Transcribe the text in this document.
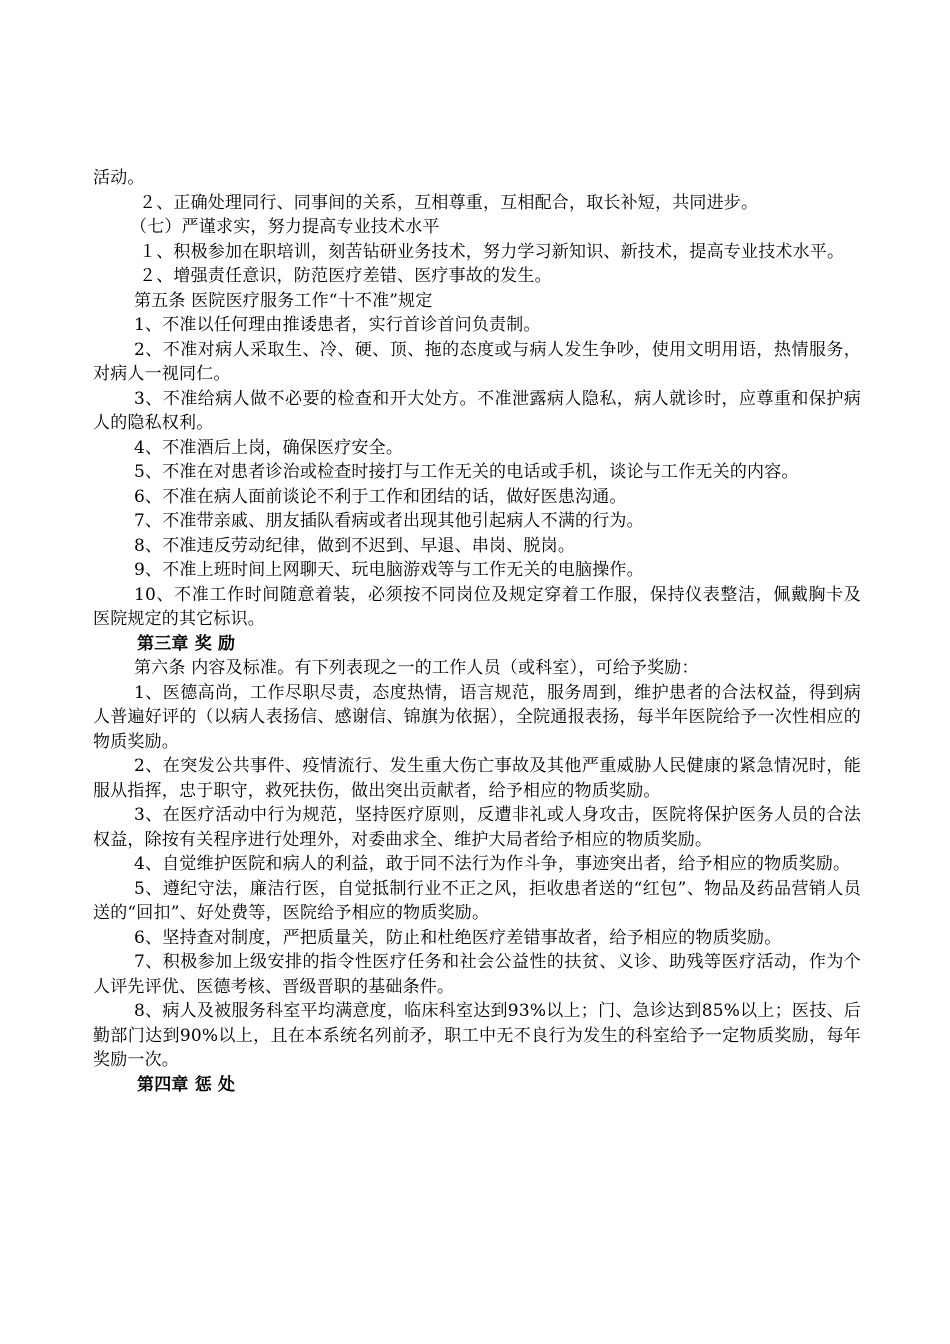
活动。

２、正确处理同行、同事间的关系，互相尊重，互相配合，取长补短，共同进步。

（七）严谨求实，努力提高专业技术水平

１、积极参加在职培训，刻苦钻研业务技术，努力学习新知识、新技术，提高专业技术水平。

２、增强责任意识，防范医疗差错、医疗事故的发生。

第五条 医院医疗服务工作“十不准”规定

1、不准以任何理由推诿患者，实行首诊首问负责制。

2、不准对病人采取生、冷、硬、顶、拖的态度或与病人发生争吵，使用文明用语，热情服务，对病人一视同仁。

3、不准给病人做不必要的检查和开大处方。不准泄露病人隐私，病人就诊时，应尊重和保护病人的隐私权利。

4、不准酒后上岗，确保医疗安全。

5、不准在对患者诊治或检查时接打与工作无关的电话或手机，谈论与工作无关的内容。

6、不准在病人面前谈论不利于工作和团结的话，做好医患沟通。

7、不准带亲戚、朋友插队看病或者出现其他引起病人不满的行为。

8、不准违反劳动纪律，做到不迟到、早退、串岗、脱岗。

9、不准上班时间上网聊天、玩电脑游戏等与工作无关的电脑操作。

10、不准工作时间随意着装，必须按不同岗位及规定穿着工作服，保持仪表整洁，佩戴胸卡及医院规定的其它标识。

第三章 奖 励

第六条 内容及标准。有下列表现之一的工作人员（或科室），可给予奖励：

1、医德高尚，工作尽职尽责，态度热情，语言规范，服务周到，维护患者的合法权益，得到病人普遍好评的（以病人表扬信、感谢信、锦旗为依据），全院通报表扬，每半年医院给予一次性相应的物质奖励。

2、在突发公共事件、疫情流行、发生重大伤亡事故及其他严重威胁人民健康的紧急情况时，能服从指挥，忠于职守，救死扶伤，做出突出贡献者，给予相应的物质奖励。

3、在医疗活动中行为规范，坚持医疗原则，反遭非礼或人身攻击，医院将保护医务人员的合法权益，除按有关程序进行处理外，对委曲求全、维护大局者给予相应的物质奖励。

4、自觉维护医院和病人的利益，敢于同不法行为作斗争，事迹突出者，给予相应的物质奖励。

5、遵纪守法，廉洁行医，自觉抵制行业不正之风，拒收患者送的“红包”、物品及药品营销人员送的“回扣”、好处费等，医院给予相应的物质奖励。

6、坚持查对制度，严把质量关，防止和杜绝医疗差错事故者，给予相应的物质奖励。

7、积极参加上级安排的指令性医疗任务和社会公益性的扶贫、义诊、助残等医疗活动，作为个人评先评优、医德考核、晋级晋职的基础条件。

8、病人及被服务科室平均满意度，临床科室达到93%以上；门、急诊达到85%以上；医技、后勤部门达到90%以上，且在本系统名列前矛，职工中无不良行为发生的科室给予一定物质奖励，每年奖励一次。

第四章 惩 处
